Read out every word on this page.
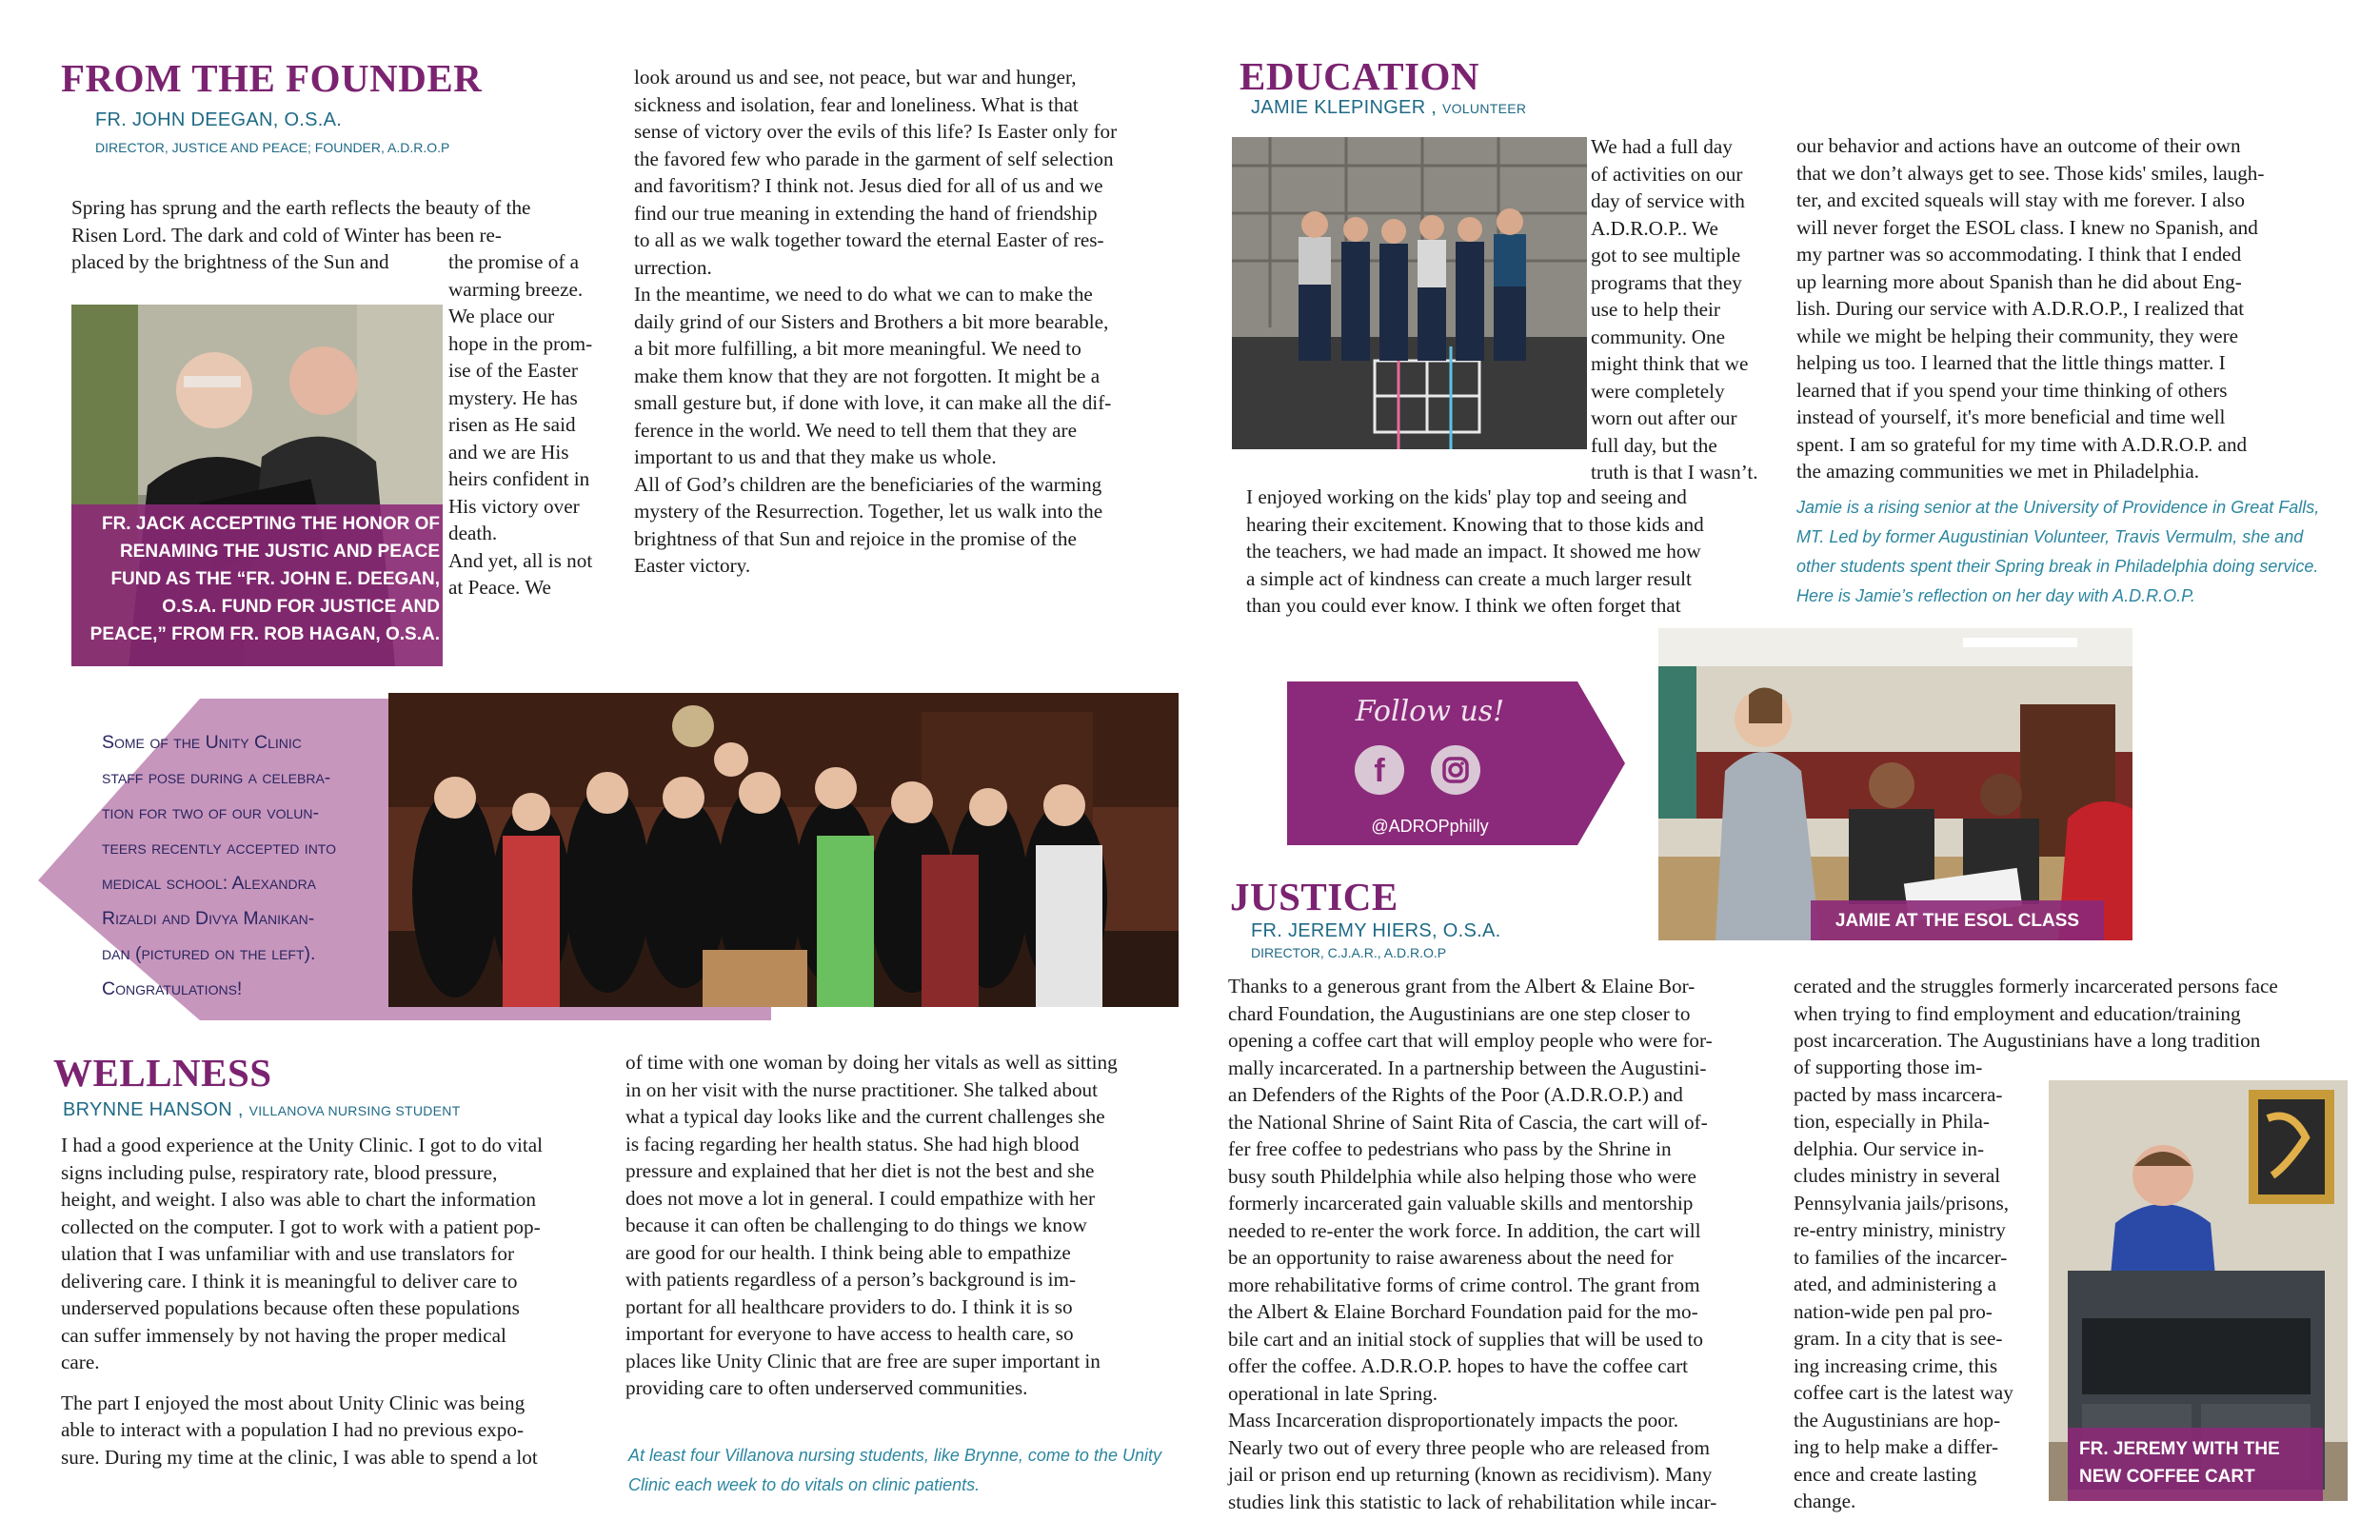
FROM THE FOUNDER
FR. JOHN DEEGAN, O.S.A.
DIRECTOR, JUSTICE AND PEACE; FOUNDER, A.D.R.O.P
Spring has sprung and the earth reflects the beauty of the
Risen Lord. The dark and cold of Winter has been re-
placed by the brightness of the Sun and	the promise of a
warming breeze.
We place our
hope in the prom-
ise of the Easter
mystery. He has
risen as He said
and we are His
heirs confident in
His victory over
death.
And yet, all is not
at Peace. We
FR. JACK ACCEPTING THE HONOR OF
RENAMING THE JUSTIC AND PEACE
FUND AS THE “FR. JOHN E. DEEGAN,
O.S.A. FUND FOR JUSTICE AND
PEACE,” FROM FR. ROB HAGAN, O.S.A.
look around us and see, not peace, but war and hunger,
sickness and isolation, fear and loneliness. What is that
sense of victory over the evils of this life? Is Easter only for
the favored few who parade in the garment of self selection
and favoritism? I think not. Jesus died for all of us and we
find our true meaning in extending the hand of friendship
to all as we walk together toward the eternal Easter of res-
urrection.
In the meantime, we need to do what we can to make the
daily grind of our Sisters and Brothers a bit more bearable,
a bit more fulfilling, a bit more meaningful. We need to
make them know that they are not forgotten. It might be a
small gesture but, if done with love, it can make all the dif-
ference in the world. We need to tell them that they are
important to us and that they make us whole.
All of God’s children are the beneficiaries of the warming
mystery of the Resurrection. Together, let us walk into the
brightness of that Sun and rejoice in the promise of the
Easter victory.
Some of the Unity Clinic
staff pose during a celebra-
tion for two of our volun-
teers recently accepted into
medical school: Alexandra
Rizaldi and Divya Manikan-
dan (pictured on the left).
Congratulations!
WELLNESS
BRYNNE HANSON , VILLANOVA NURSING STUDENT
I had a good experience at the Unity Clinic. I got to do vital
signs including pulse, respiratory rate, blood pressure,
height, and weight. I also was able to chart the information
collected on the computer. I got to work with a patient pop-
ulation that I was unfamiliar with and use translators for
delivering care. I think it is meaningful to deliver care to
underserved populations because often these populations
can suffer immensely by not having the proper medical
care.
The part I enjoyed the most about Unity Clinic was being
able to interact with a population I had no previous expo-
sure. During my time at the clinic, I was able to spend a lot
of time with one woman by doing her vitals as well as sitting
in on her visit with the nurse practitioner. She talked about
what a typical day looks like and the current challenges she
is facing regarding her health status. She had high blood
pressure and explained that her diet is not the best and she
does not move a lot in general. I could empathize with her
because it can often be challenging to do things we know
are good for our health. I think being able to empathize
with patients regardless of a person’s background is im-
portant for all healthcare providers to do. I think it is so
important for everyone to have access to health care, so
places like Unity Clinic that are free are super important in
providing care to often underserved communities.
At least four Villanova nursing students, like Brynne, come to the Unity
Clinic each week to do vitals on clinic patients.
EDUCATION
JAMIE KLEPINGER , VOLUNTEER
We had a full day
of activities on our
day of service with
A.D.R.O.P.. We
got to see multiple
programs that they
use to help their
community. One
might think that we
were completely
worn out after our
full day, but the
truth is that I wasn’t.
I enjoyed working on the kids' play top and seeing and
hearing their excitement. Knowing that to those kids and
the teachers, we had made an impact. It showed me how
a simple act of kindness can create a much larger result
than you could ever know. I think we often forget that
our behavior and actions have an outcome of their own
that we don’t always get to see. Those kids' smiles, laugh-
ter, and excited squeals will stay with me forever. I also
will never forget the ESOL class. I knew no Spanish, and
my partner was so accommodating. I think that I ended
up learning more about Spanish than he did about Eng-
lish. During our service with A.D.R.O.P., I realized that
while we might be helping their community, they were
helping us too. I learned that the little things matter. I
learned that if you spend your time thinking of others
instead of yourself, it's more beneficial and time well
spent. I am so grateful for my time with A.D.R.O.P. and
the amazing communities we met in Philadelphia.
Jamie is a rising senior at the University of Providence in Great Falls,
MT. Led by former Augustinian Volunteer, Travis Vermulm, she and
other students spent their Spring break in Philadelphia doing service.
Here is Jamie’s reflection on her day with A.D.R.O.P.
Follow us!
f
@ADROPphilly
JAMIE AT THE ESOL CLASS
JUSTICE
FR. JEREMY HIERS, O.S.A.
DIRECTOR, C.J.A.R., A.D.R.O.P
Thanks to a generous grant from the Albert & Elaine Bor-
chard Foundation, the Augustinians are one step closer to
opening a coffee cart that will employ people who were for-
mally incarcerated. In a partnership between the Augustini-
an Defenders of the Rights of the Poor (A.D.R.O.P.) and
the National Shrine of Saint Rita of Cascia, the cart will of-
fer free coffee to pedestrians who pass by the Shrine in
busy south Phildelphia while also helping those who were
formerly incarcerated gain valuable skills and mentorship
needed to re-enter the work force. In addition, the cart will
be an opportunity to raise awareness about the need for
more rehabilitative forms of crime control. The grant from
the Albert & Elaine Borchard Foundation paid for the mo-
bile cart and an initial stock of supplies that will be used to
offer the coffee. A.D.R.O.P. hopes to have the coffee cart
operational in late Spring.
Mass Incarceration disproportionately impacts the poor.
Nearly two out of every three people who are released from
jail or prison end up returning (known as recidivism). Many
studies link this statistic to lack of rehabilitation while incar-
cerated and the struggles formerly incarcerated persons face
when trying to find employment and education/training
post incarceration. The Augustinians have a long tradition
of supporting those im-
pacted by mass incarcera-
tion, especially in Phila-
delphia. Our service in-
cludes ministry in several
Pennsylvania jails/prisons,
re-entry ministry, ministry
to families of the incarcer-
ated, and administering a
nation-wide pen pal pro-
gram. In a city that is see-
ing increasing crime, this
coffee cart is the latest way
the Augustinians are hop-
ing to help make a differ-
ence and create lasting
change.
FR. JEREMY WITH THE
NEW COFFEE CART
